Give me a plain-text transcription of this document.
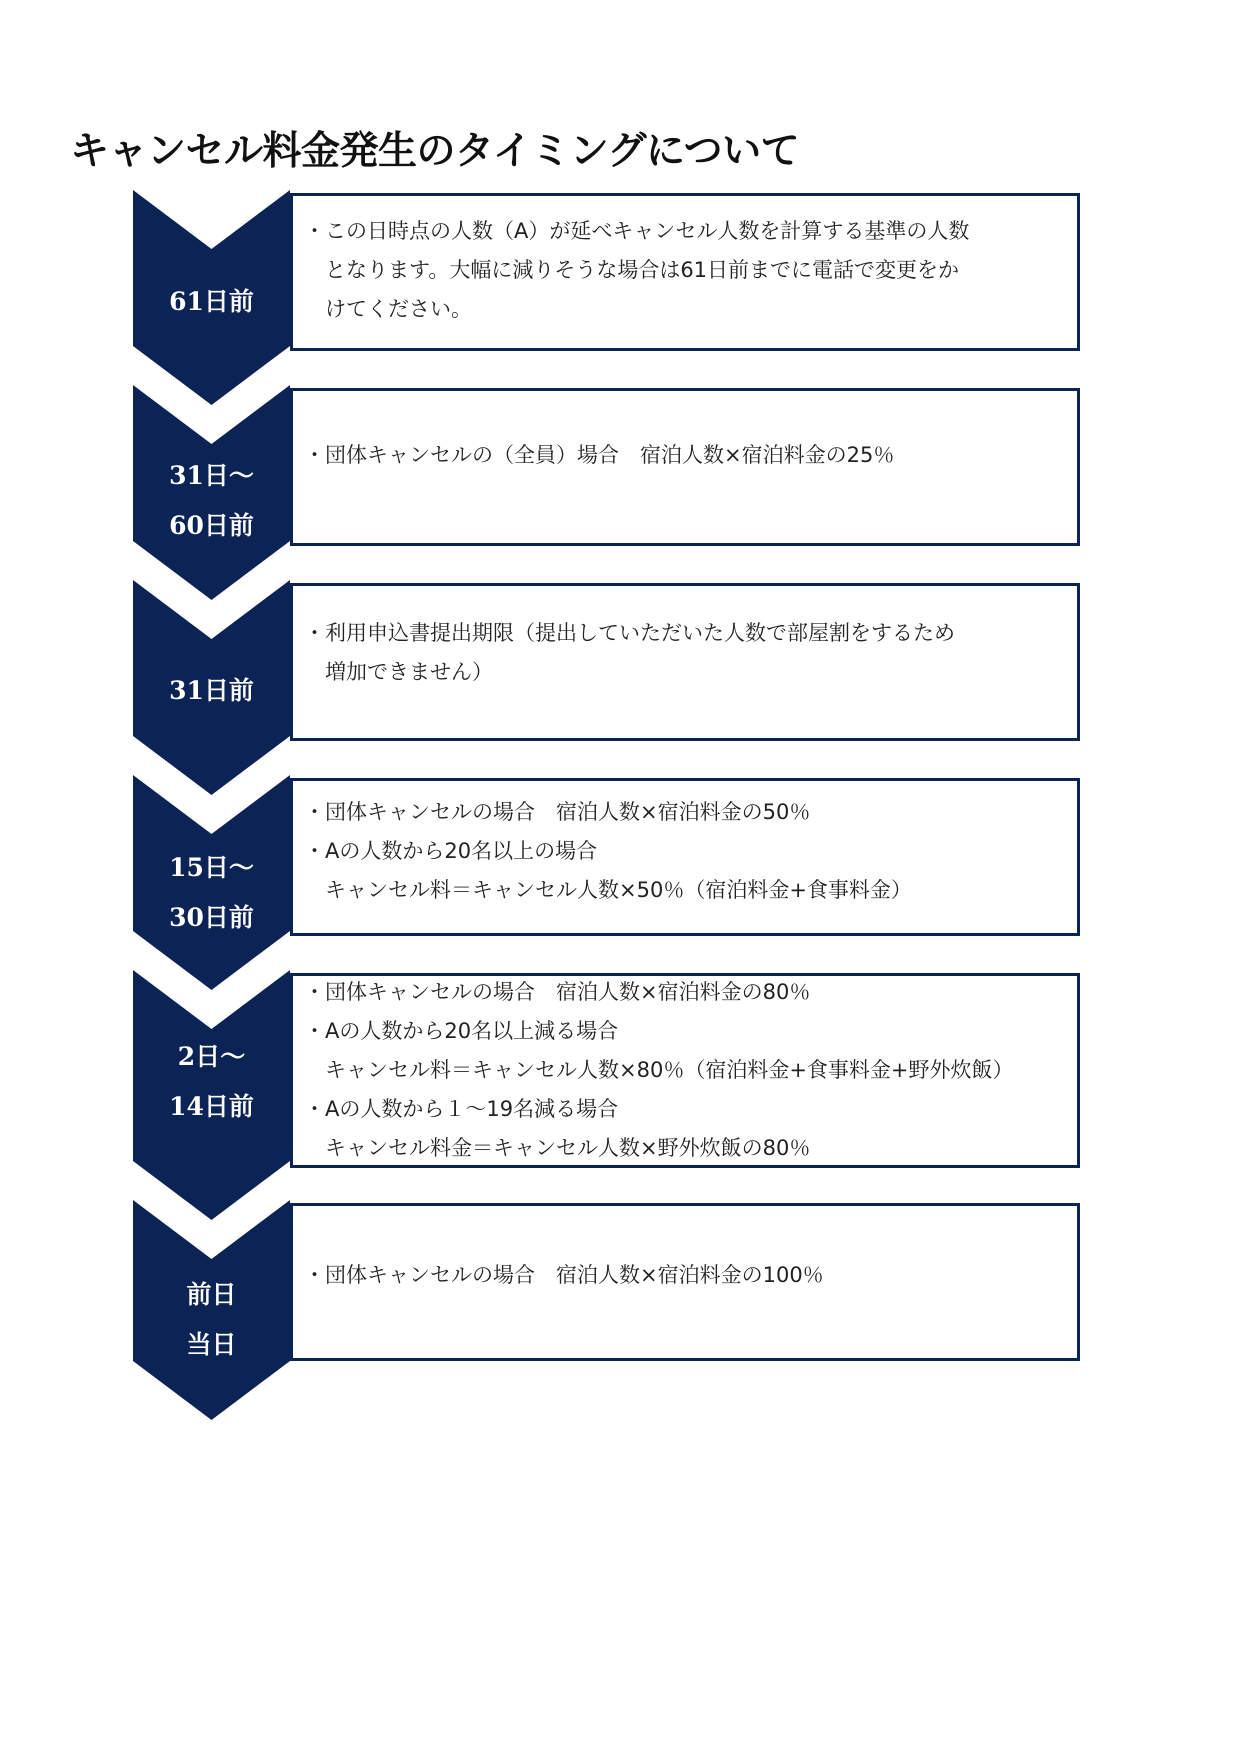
キャンセル料金発生のタイミングについて
61日前
・この日時点の人数（A）が延べキャンセル人数を計算する基準の人数
　となります。大幅に減りそうな場合は61日前までに電話で変更をか
　けてください。
31日～
60日前
・団体キャンセルの（全員）場合　宿泊人数×宿泊料金の25％
31日前
・利用申込書提出期限（提出していただいた人数で部屋割をするため
　増加できません）
15日～
30日前
・団体キャンセルの場合　宿泊人数×宿泊料金の50％
・Aの人数から20名以上の場合
　キャンセル料＝キャンセル人数×50％（宿泊料金+食事料金）
2日～
14日前
・団体キャンセルの場合　宿泊人数×宿泊料金の80％
・Aの人数から20名以上減る場合
　キャンセル料＝キャンセル人数×80％（宿泊料金+食事料金+野外炊飯）
・Aの人数から１～19名減る場合
　キャンセル料金＝キャンセル人数×野外炊飯の80％
前日
当日
・団体キャンセルの場合　宿泊人数×宿泊料金の100％
